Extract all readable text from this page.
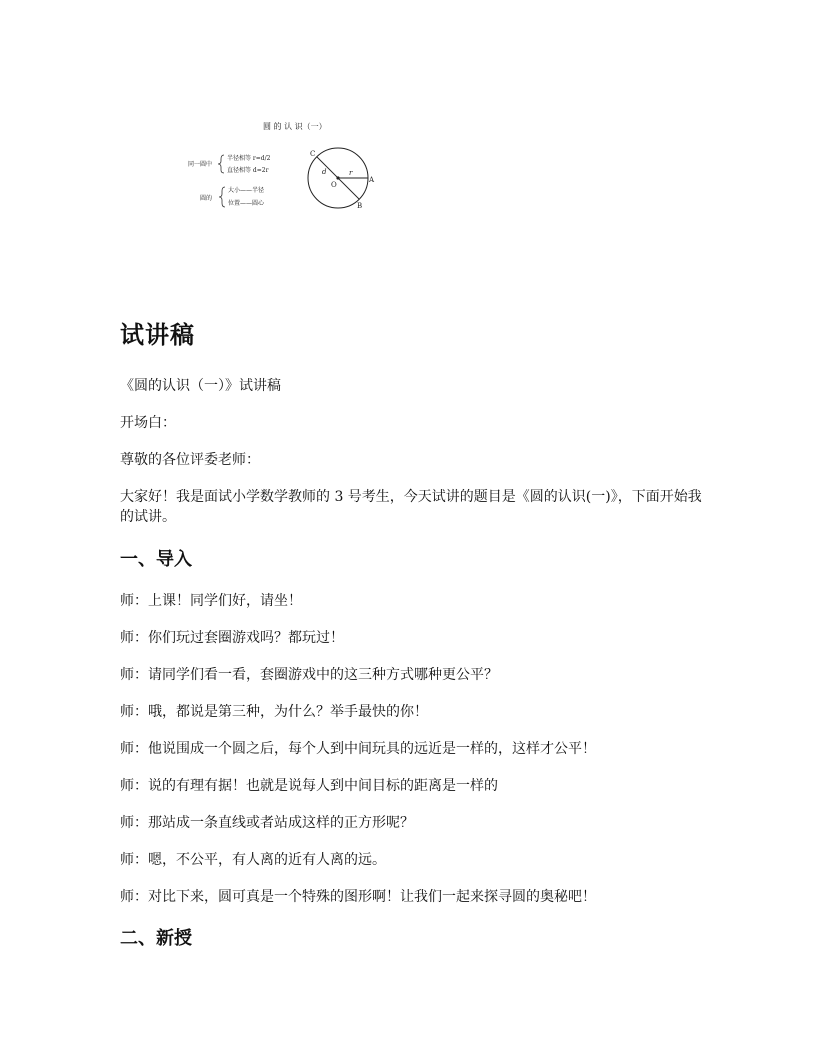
圆 的 认 识（一）
同一圆中
半径相等 r=d/2
直径相等 d=2r
圆的
大小——半径
位置——圆心
C
d
O
r
A
B
试讲稿

《圆的认识（一）》试讲稿

开场白：

尊敬的各位评委老师：

大家好！我是面试小学数学教师的 3 号考生，今天试讲的题目是《圆的认识(一)》，下面开始我的试讲。

一、导入

师：上课！同学们好，请坐！

师：你们玩过套圈游戏吗？都玩过！

师：请同学们看一看，套圈游戏中的这三种方式哪种更公平？

师：哦，都说是第三种，为什么？举手最快的你！

师：他说围成一个圆之后，每个人到中间玩具的远近是一样的，这样才公平！

师：说的有理有据！也就是说每人到中间目标的距离是一样的

师：那站成一条直线或者站成这样的正方形呢？

师：嗯，不公平，有人离的近有人离的远。

师：对比下来，圆可真是一个特殊的图形啊！让我们一起来探寻圆的奥秘吧！

二、新授
